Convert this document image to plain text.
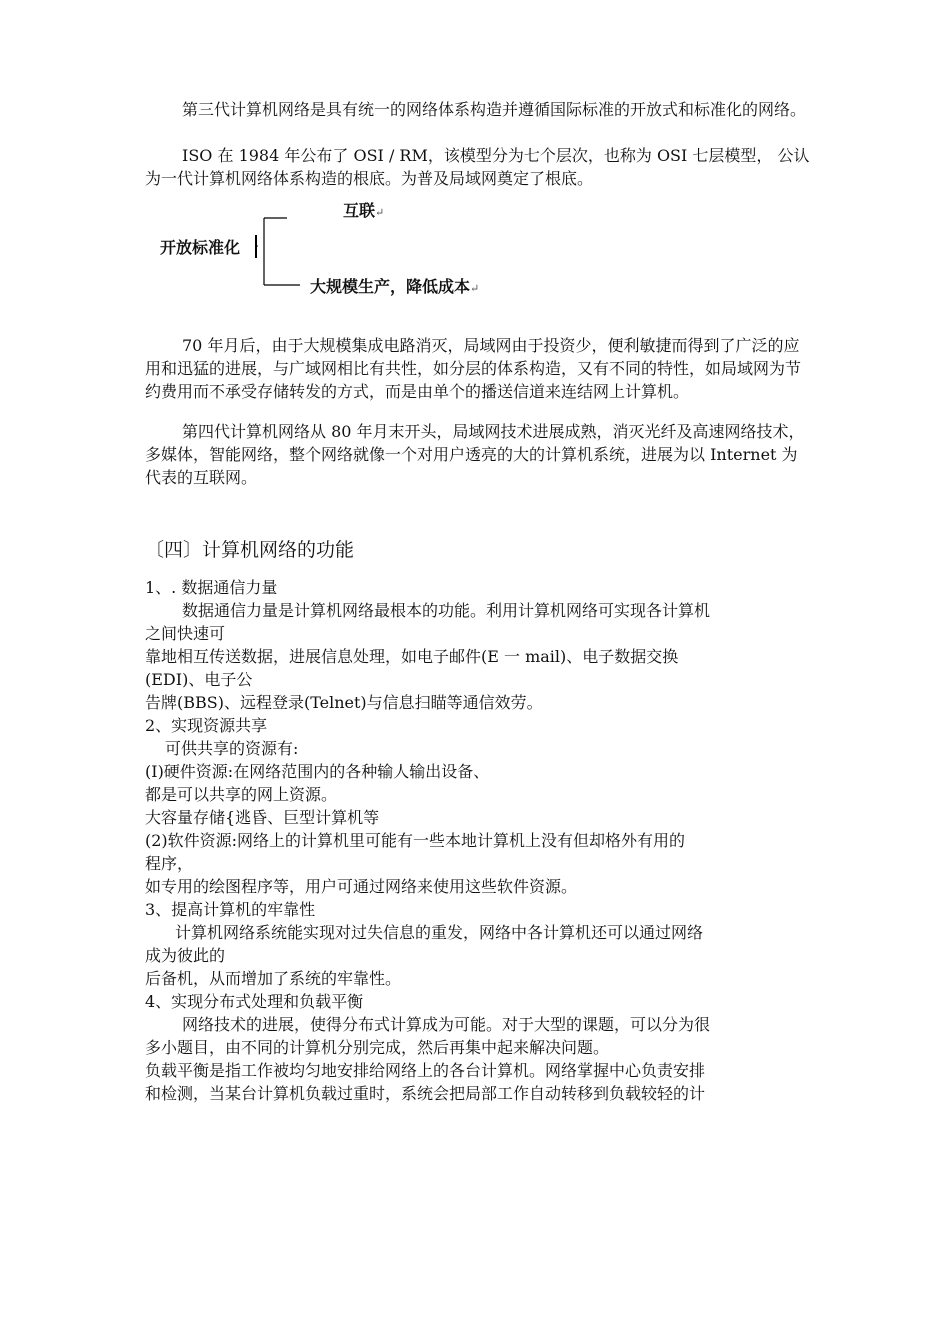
第三代计算机网络是具有统一的网络体系构造并遵循国际标准的开放式和标准化的网络。

ISO 在 1984 年公布了 OSI / RM，该模型分为七个层次，也称为 OSI 七层模型， 公认为一代计算机网络体系构造的根底。为普及局域网奠定了根底。

开放标准化
互联↵
大规模生产，降低成本↵

70 年月后，由于大规模集成电路消灭，局域网由于投资少，便利敏捷而得到了广泛的应用和迅猛的进展，与广域网相比有共性，如分层的体系构造，又有不同的特性，如局域网为节约费用而不承受存储转发的方式，而是由单个的播送信道来连结网上计算机。

第四代计算机网络从 80 年月末开头，局域网技术进展成熟，消灭光纤及高速网络技术，多媒体，智能网络，整个网络就像一个对用户透亮的大的计算机系统，进展为以 Internet 为代表的互联网。

〔四〕计算机网络的功能

1、. 数据通信力量

数据通信力量是计算机网络最根本的功能。利用计算机网络可实现各计算机

之间快速可

靠地相互传送数据，进展信息处理，如电子邮件(E 一 mail)、电子数据交换

(EDI)、电子公

告牌(BBS)、远程登录(Telnet)与信息扫瞄等通信效劳。

2、实现资源共享

可供共享的资源有:

(I)硬件资源:在网络范围内的各种输人输出设备、

都是可以共享的网上资源。

大容量存储{逃昏、巨型计算机等

(2)软件资源:网络上的计算机里可能有一些本地计算机上没有但却格外有用的

程序，

如专用的绘图程序等，用户可通过网络来使用这些软件资源。

3、提高计算机的牢靠性

计算机网络系统能实现对过失信息的重发，网络中各计算机还可以通过网络

成为彼此的

后备机，从而增加了系统的牢靠性。

4、实现分布式处理和负载平衡

网络技术的进展，使得分布式计算成为可能。对于大型的课题，可以分为很

多小题目，由不同的计算机分别完成，然后再集中起来解决问题。

负载平衡是指工作被均匀地安排给网络上的各台计算机。网络掌握中心负责安排

和检测，当某台计算机负载过重时，系统会把局部工作自动转移到负载较轻的计
